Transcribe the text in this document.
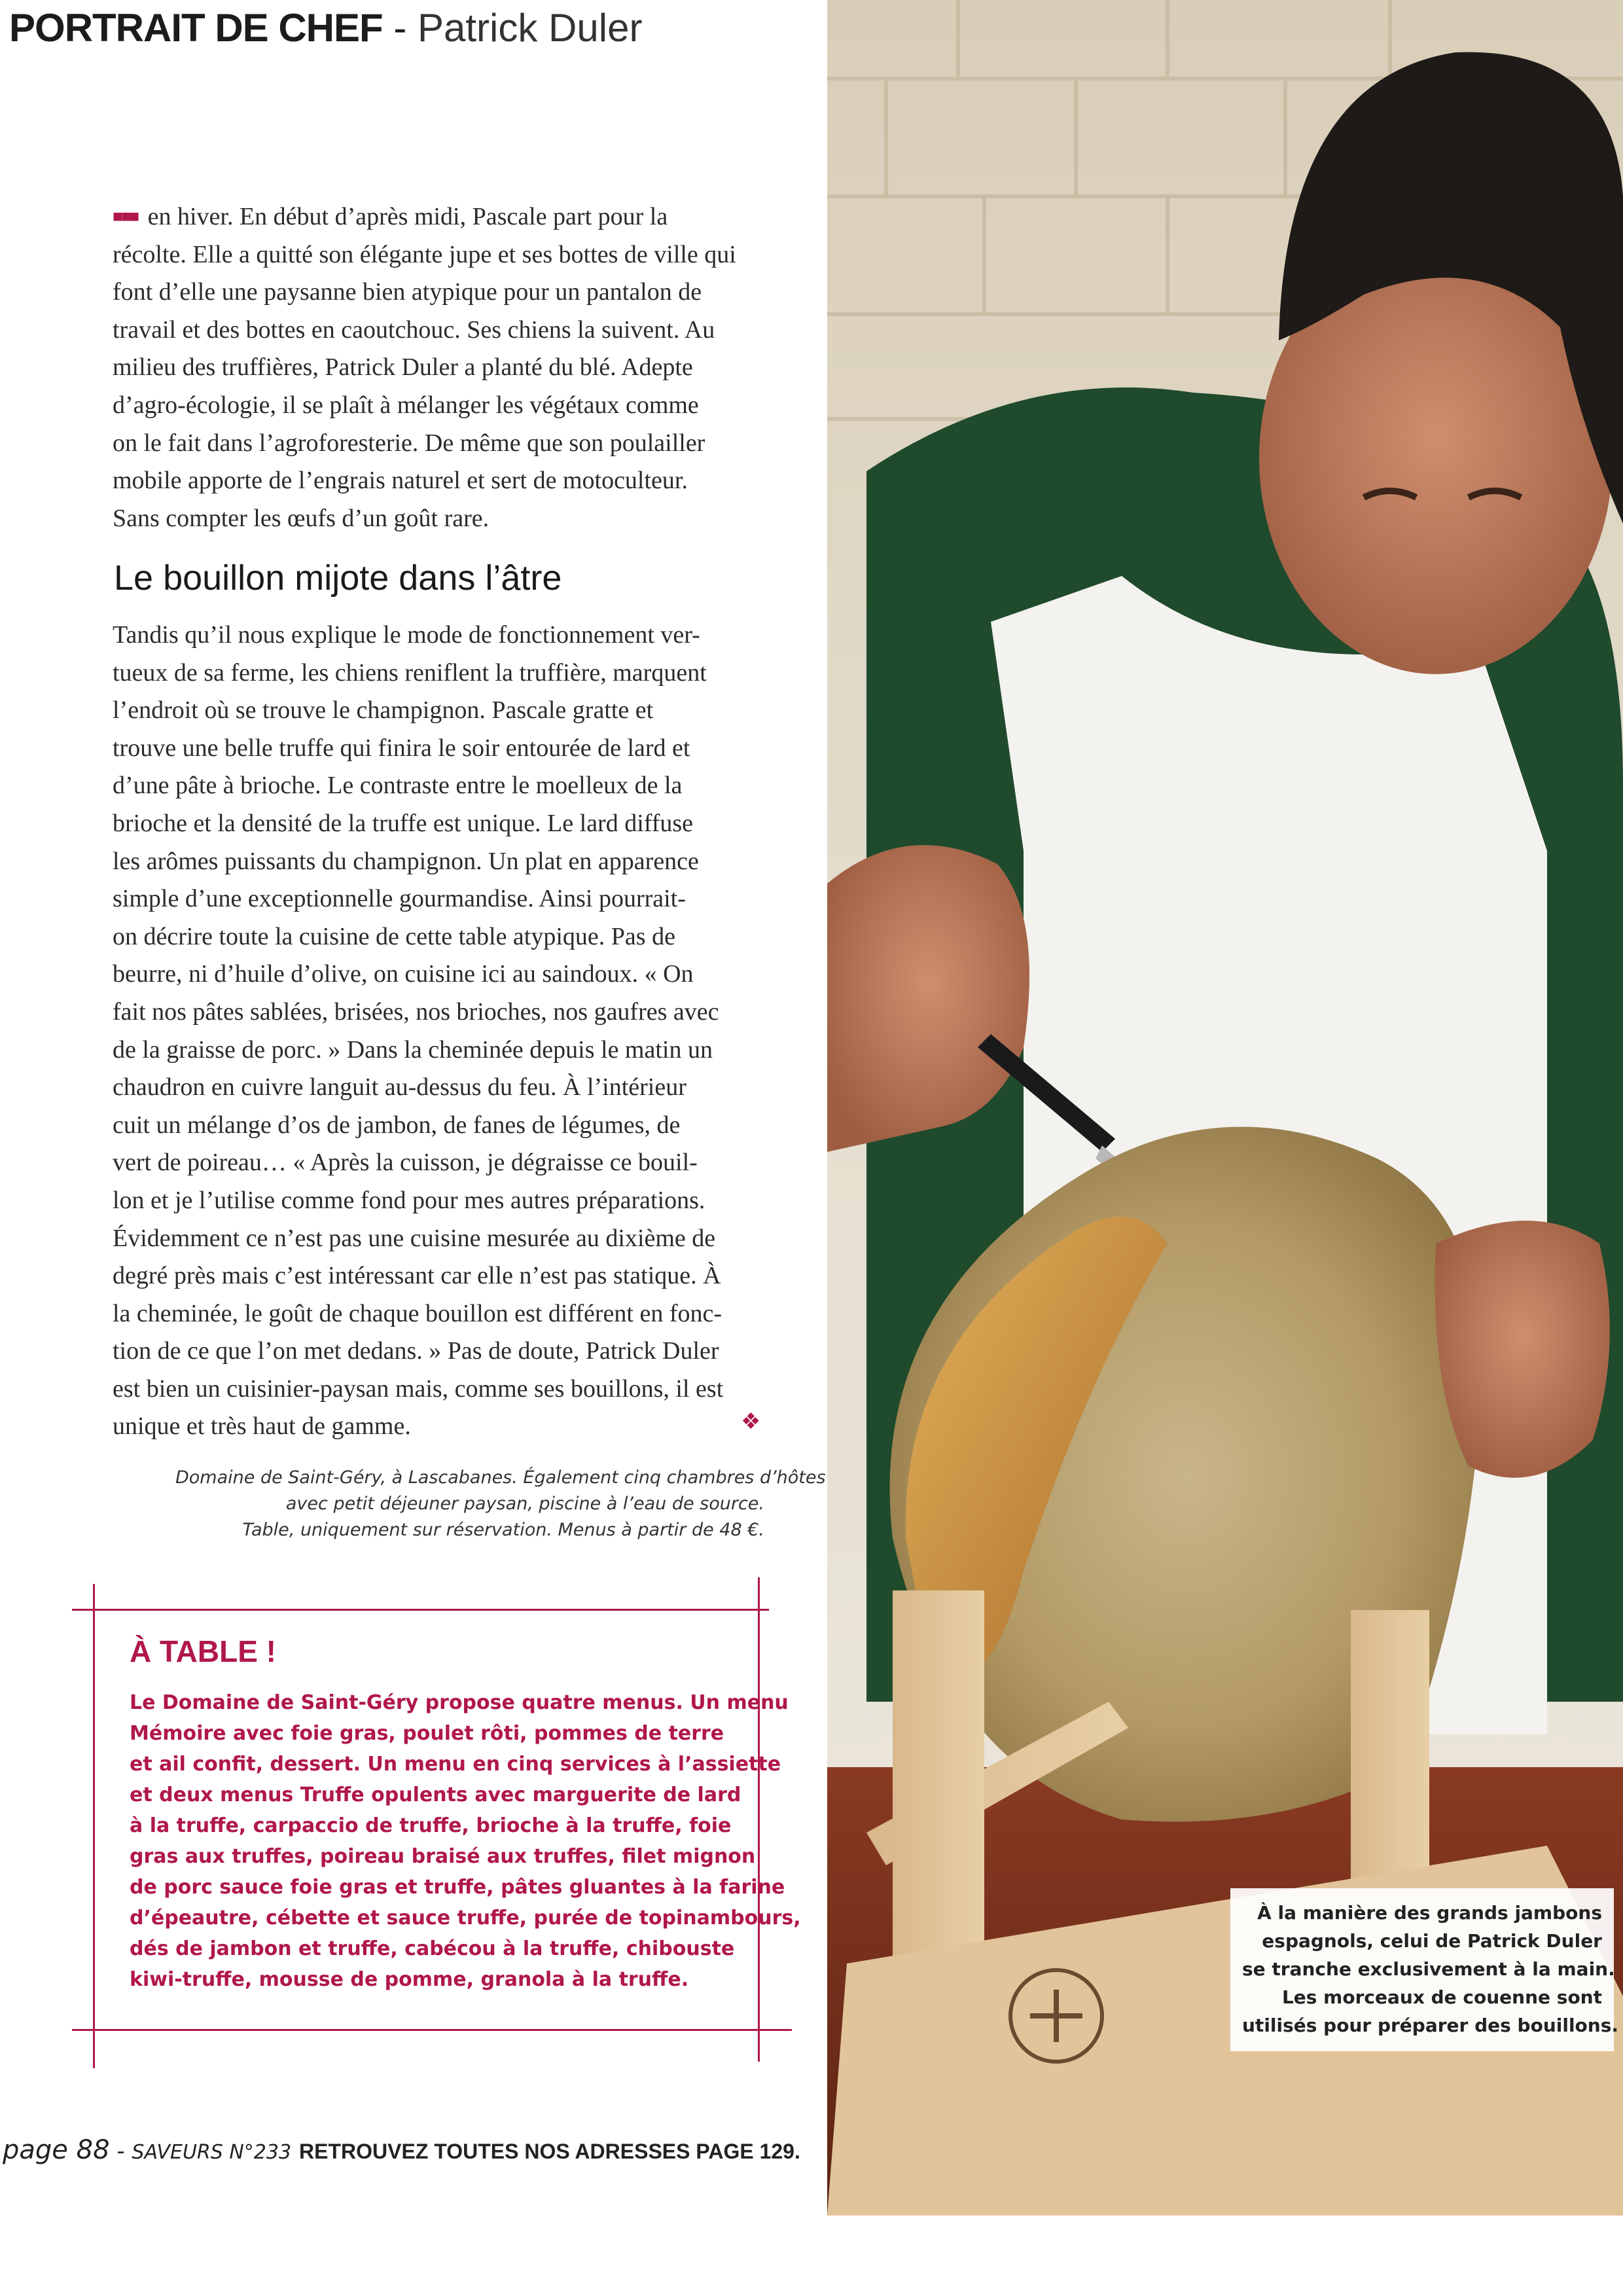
PORTRAIT DE CHEF - Patrick Duler
■■■ en hiver. En début d’après midi, Pascale part pour la
récolte. Elle a quitté son élégante jupe et ses bottes de ville qui
font d’elle une paysanne bien atypique pour un pantalon de
travail et des bottes en caoutchouc. Ses chiens la suivent. Au
milieu des truffières, Patrick Duler a planté du blé. Adepte
d’agro-écologie, il se plaît à mélanger les végétaux comme
on le fait dans l’agroforesterie. De même que son poulailler
mobile apporte de l’engrais naturel et sert de motoculteur.
Sans compter les œufs d’un goût rare.
Le bouillon mijote dans l’âtre
Tandis qu’il nous explique le mode de fonctionnement ver-
tueux de sa ferme, les chiens reniflent la truffière, marquent
l’endroit où se trouve le champignon. Pascale gratte et
trouve une belle truffe qui finira le soir entourée de lard et
d’une pâte à brioche. Le contraste entre le moelleux de la
brioche et la densité de la truffe est unique. Le lard diffuse
les arômes puissants du champignon. Un plat en apparence
simple d’une exceptionnelle gourmandise. Ainsi pourrait-
on décrire toute la cuisine de cette table atypique. Pas de
beurre, ni d’huile d’olive, on cuisine ici au saindoux. « On
fait nos pâtes sablées, brisées, nos brioches, nos gaufres avec
de la graisse de porc. » Dans la cheminée depuis le matin un
chaudron en cuivre languit au-dessus du feu. À l’intérieur
cuit un mélange d’os de jambon, de fanes de légumes, de
vert de poireau… « Après la cuisson, je dégraisse ce bouil-
lon et je l’utilise comme fond pour mes autres préparations.
Évidemment ce n’est pas une cuisine mesurée au dixième de
degré près mais c’est intéressant car elle n’est pas statique. À
la cheminée, le goût de chaque bouillon est différent en fonc-
tion de ce que l’on met dedans. » Pas de doute, Patrick Duler
est bien un cuisinier-paysan mais, comme ses bouillons, il est
unique et très haut de gamme.	❖
Domaine de Saint-Géry, à Lascabanes. Également cinq chambres d’hôtes
avec petit déjeuner paysan, piscine à l’eau de source.
Table, uniquement sur réservation. Menus à partir de 48 €.
À TABLE !
Le Domaine de Saint-Géry propose quatre menus. Un menu
Mémoire avec foie gras, poulet rôti, pommes de terre
et ail confit, dessert. Un menu en cinq services à l’assiette
et deux menus Truffe opulents avec marguerite de lard
à la truffe, carpaccio de truffe, brioche à la truffe, foie
gras aux truffes, poireau braisé aux truffes, filet mignon
de porc sauce foie gras et truffe, pâtes gluantes à la farine
d’épeautre, cébette et sauce truffe, purée de topinambours,
dés de jambon et truffe, cabécou à la truffe, chibouste
kiwi-truffe, mousse de pomme, granola à la truffe.
page 88 - SAVEURS N°233 RETROUVEZ TOUTES NOS ADRESSES PAGE 129.
À la manière des grands jambons
espagnols, celui de Patrick Duler
se tranche exclusivement à la main.
Les morceaux de couenne sont
utilisés pour préparer des bouillons.
